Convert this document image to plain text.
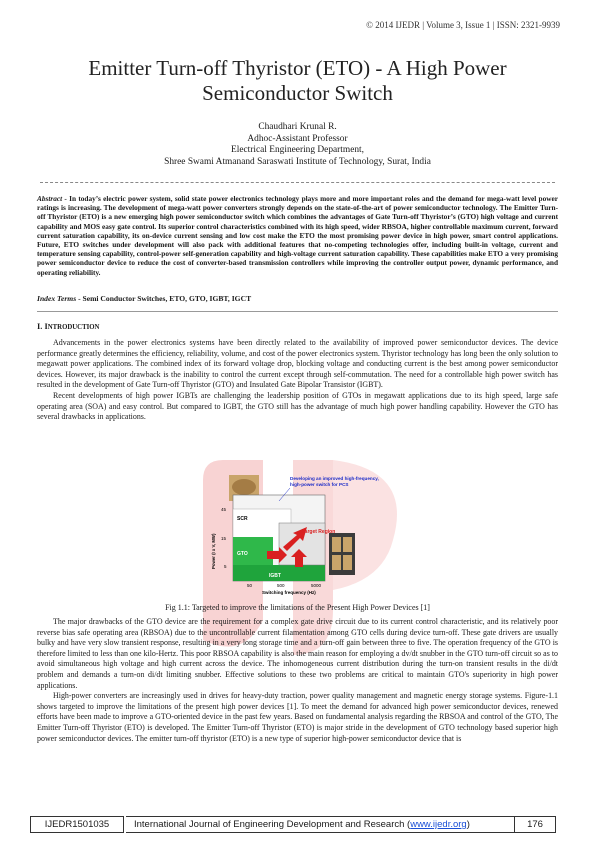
© 2014 IJEDR | Volume 3, Issue 1 | ISSN: 2321-9939
Emitter Turn-off Thyristor (ETO) - A High Power
Semiconductor Switch
Chaudhari Krunal R.
Adhoc-Assistant Professor
Electrical Engineering Department,
Shree Swami Atmanand Saraswati Institute of Technology, Surat, India
Abstract - In today’s electric power system, solid state power electronics technology plays more and more important roles and the demand for mega-watt level power ratings is increasing. The development of mega-watt power converters strongly depends on the state-of-the-art of power semiconductor technology. The Emitter Turn-off Thyristor (ETO) is a new emerging high power semiconductor switch which combines the advantages of Gate Turn-off Thyristor’s (GTO) high voltage and current capability and MOS easy gate control. Its superior control characteristics combined with its high speed, wider RBSOA, higher controllable maximum current, forward current saturation capability, its on-device current sensing and low cost make the ETO the most promising power device in high power, smart control applications. Future, ETO switches under development will also pack with additional features that no-competing technologies offer, including built-in voltage, current and temperature sensing capability, control-power self-generation capability and high-voltage current saturation capability. These capabilities make ETO a very promising power semiconductor device to reduce the cost of converter-based transmission controllers while improving the controller output power, dynamic performance, and operating reliability.
Index Terms - Semi Conductor Switches, ETO, GTO, IGBT, IGCT
I. INTRODUCTION

Advancements in the power electronics systems have been directly related to the availability of improved power semiconductor devices. The device performance greatly determines the efficiency, reliability, volume, and cost of the power electronics system. Thyristor technology has long been the only solution to megawatt power applications. The combined index of its forward voltage drop, blocking voltage and conducting current is the best among power semiconductor devices. However, its major drawback is the inability to control the current except through self-commutation. The need for a controllable high power switch has resulted in the development of Gate Turn-off Thyristor (GTO) and Insulated Gate Bipolar Transistor (IGBT).

Recent developments of high power IGBTs are challenging the leadership position of GTOs in megawatt applications due to its high speed, large safe operating area (SOA) and easy control. But compared to IGBT, the GTO still has the advantage of much high power handling capability. However the GTO has several drawbacks in applications.

Developing an improved high-frequency,
high-power switch for PCS
SCR
GTO
IGBT
Target Region
45
15
5
50	500	5000
Switching frequency (Hz)
Power (I x V, MW)
Fig 1.1: Targeted to improve the limitations of the Present High Power Devices [1]

The major drawbacks of the GTO device are the requirement for a complex gate drive circuit due to its current control characteristic, and its relatively poor reverse bias safe operating area (RBSOA) due to the uncontrollable current filamentation among GTO cells during device turn-off. These gate drivers are usually bulky and have very slow transient response, resulting in a very long storage time and a turn-off gain between three to five. The operation frequency of the GTO is therefore limited to less than one kilo-Hertz. This poor RBSOA capability is also the main reason for employing a dv/dt snubber in the GTO turn-off circuit so as to avoid simultaneous high voltage and high current across the device. The inhomogeneous current distribution during the turn-on transient results in the di/dt problem and demands a turn-on di/dt limiting snubber. Effective solutions to these two problems are critical to maintain GTO's superiority in high power applications.

High-power converters are increasingly used in drives for heavy-duty traction, power quality management and magnetic energy storage systems. Figure-1.1 shows targeted to improve the limitations of the present high power devices [1]. To meet the demand for advanced high power semiconductor devices, renewed efforts have been made to improve a GTO-oriented device in the past few years. Based on fundamental analysis regarding the RBSOA and control of the GTO, The Emitter Turn-off Thyristor (ETO) is developed. The Emitter Turn-off Thyristor (ETO) is major stride in the development of GTO technology based superior high power semiconductor devices. The emitter turn-off thyristor (ETO) is a new type of superior high-power semiconductor device that is

IJEDR1501035	International Journal of Engineering Development and Research (www.ijedr.org)	176
